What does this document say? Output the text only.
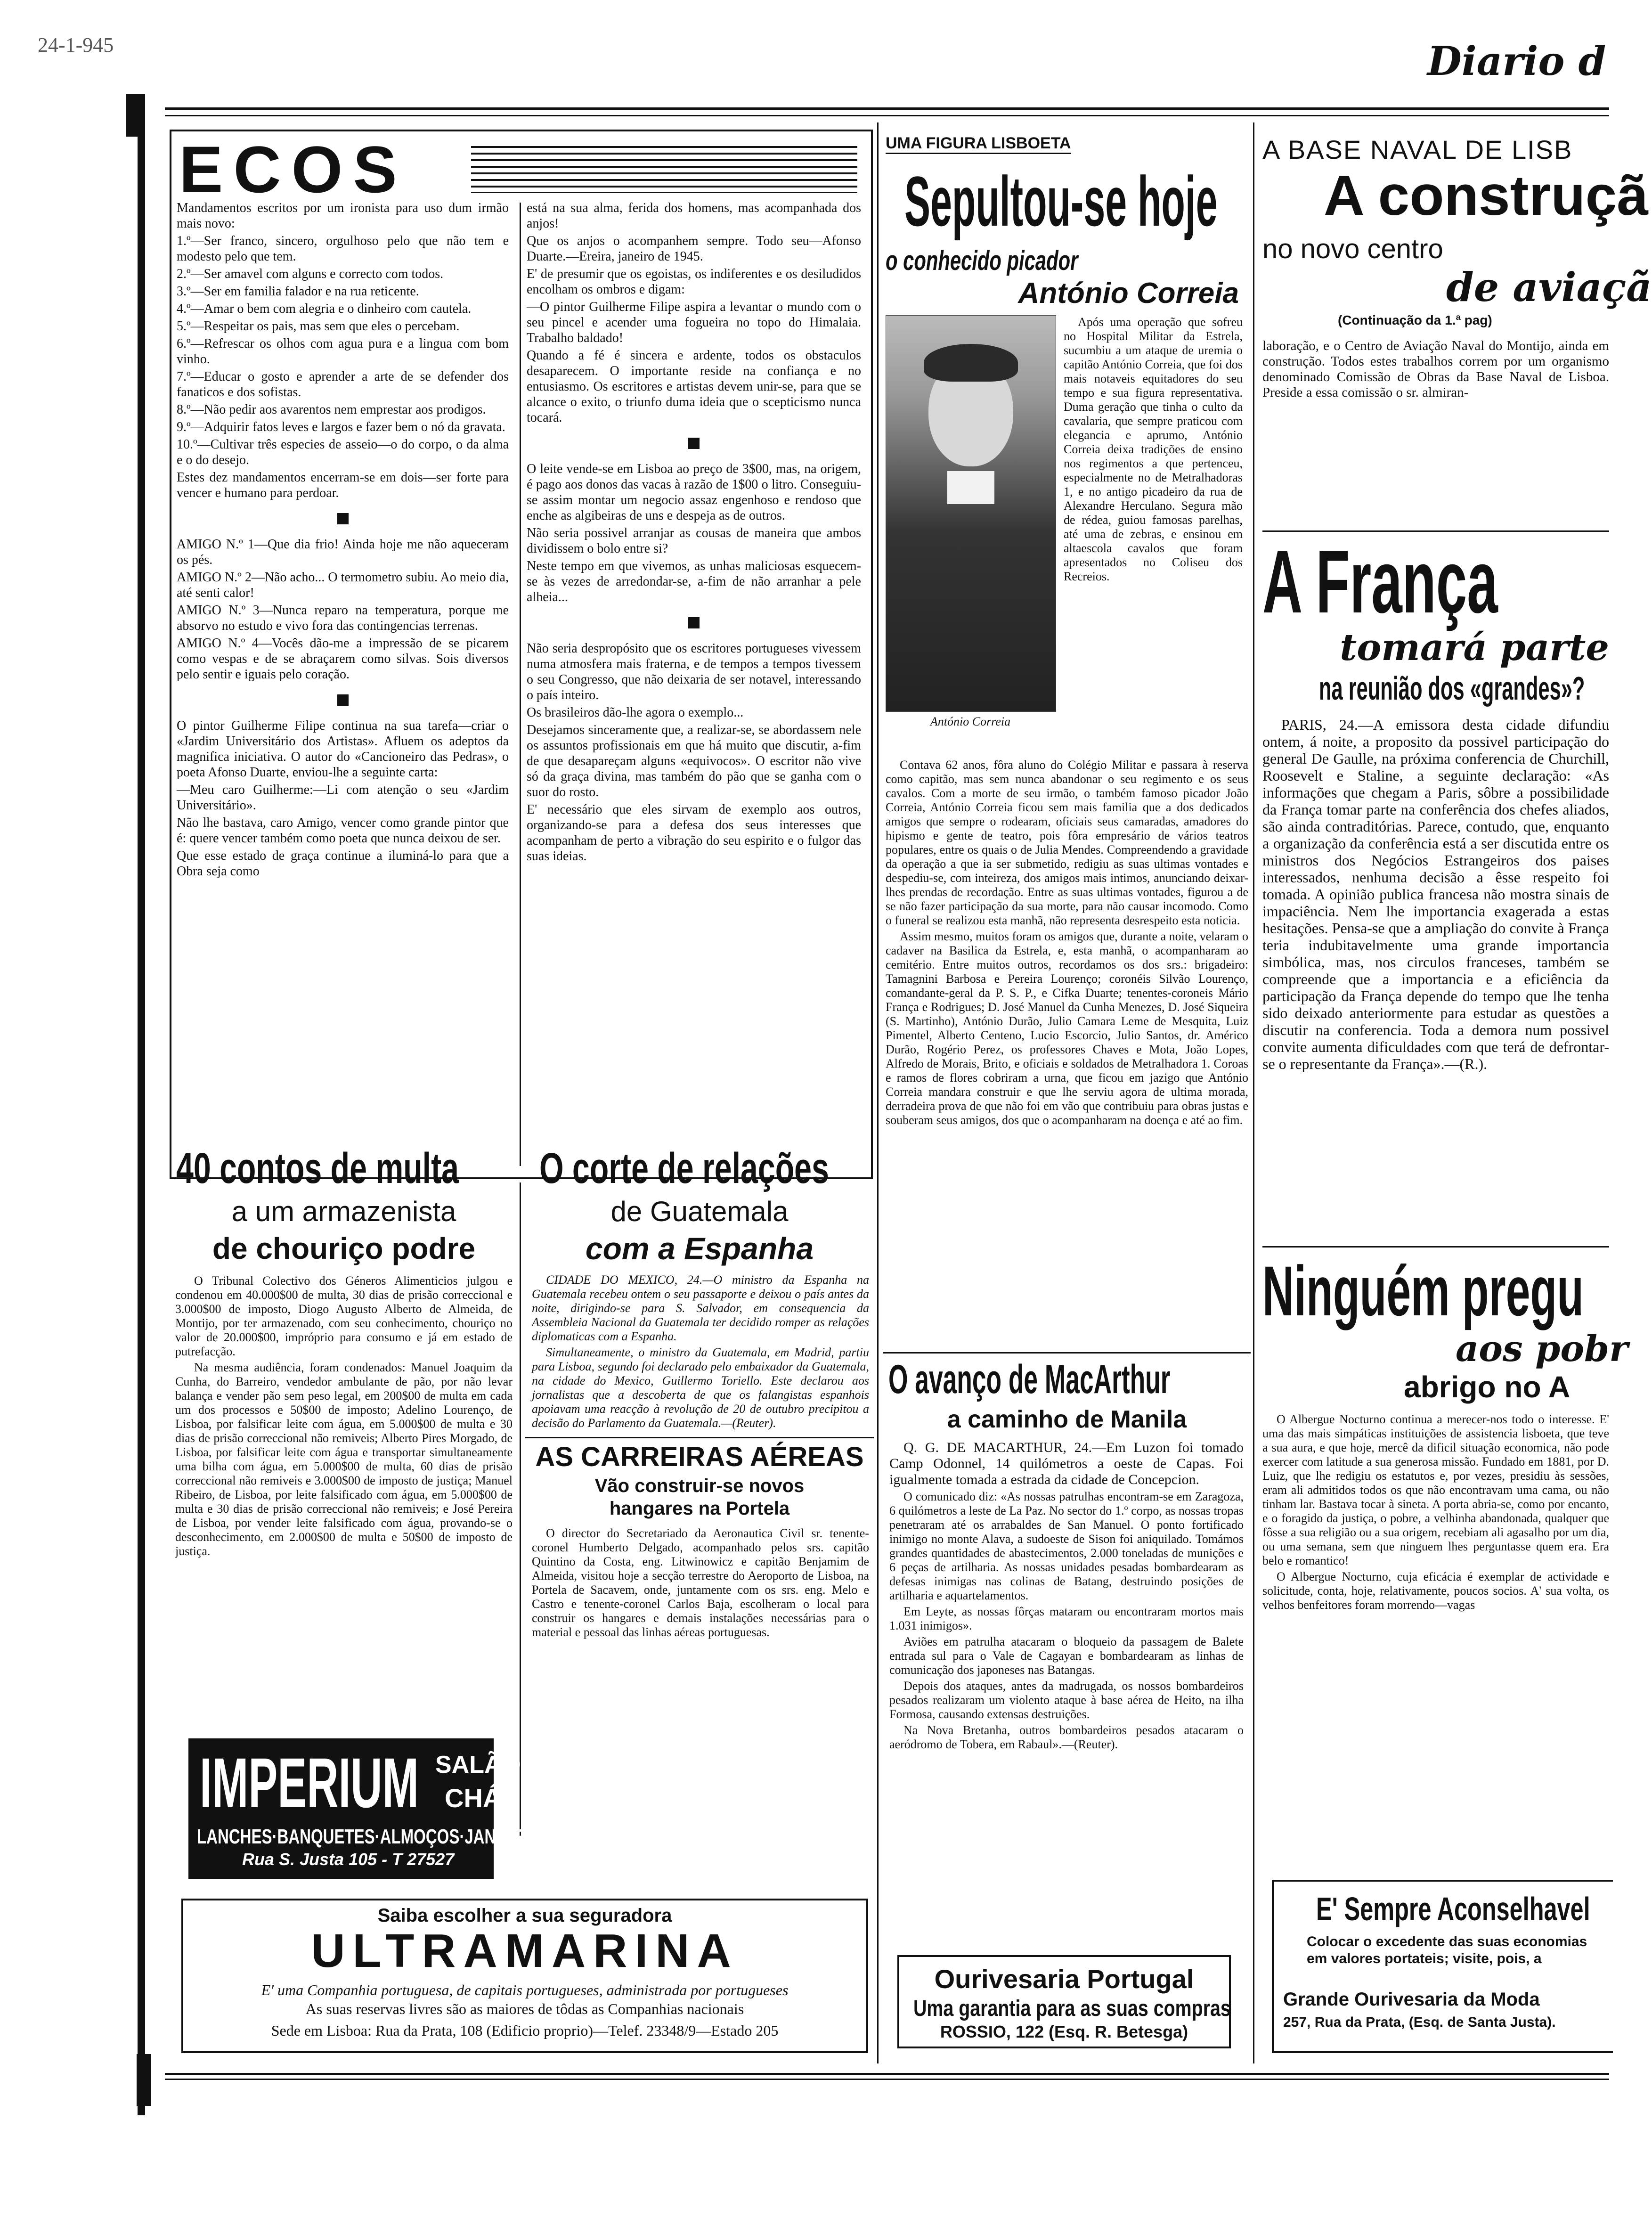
24-1-945	Diario d
ECOS

Mandamentos escritos por um ironista para uso dum irmão mais novo:

1.º—Ser franco, sincero, orgulhoso pelo que não tem e modesto pelo que tem.

2.º—Ser amavel com alguns e correcto com todos.

3.º—Ser em familia falador e na rua reticente.

4.º—Amar o bem com alegria e o dinheiro com cautela.

5.º—Respeitar os pais, mas sem que eles o percebam.

6.º—Refrescar os olhos com agua pura e a lingua com bom vinho.

7.º—Educar o gosto e aprender a arte de se defender dos fanaticos e dos sofistas.

8.º—Não pedir aos avarentos nem emprestar aos prodigos.

9.º—Adquirir fatos leves e largos e fazer bem o nó da gravata.

10.º—Cultivar três especies de asseio—o do corpo, o da alma e o do desejo.

Estes dez mandamentos encerram-se em dois—ser forte para vencer e humano para perdoar.

AMIGO N.º 1—Que dia frio! Ainda hoje me não aqueceram os pés.

AMIGO N.º 2—Não acho... O termometro subiu. Ao meio dia, até senti calor!

AMIGO N.º 3—Nunca reparo na temperatura, porque me absorvo no estudo e vivo fora das contingencias terrenas.

AMIGO N.º 4—Vocês dão-me a impressão de se picarem como vespas e de se abraçarem como silvas. Sois diversos pelo sentir e iguais pelo coração.

O pintor Guilherme Filipe continua na sua tarefa—criar o «Jardim Universitário dos Artistas». Afluem os adeptos da magnifica iniciativa. O autor do «Cancioneiro das Pedras», o poeta Afonso Duarte, enviou-lhe a seguinte carta:

—Meu caro Guilherme:—Li com atenção o seu «Jardim Universitário».

Não lhe bastava, caro Amigo, vencer como grande pintor que é: quere vencer também como poeta que nunca deixou de ser.

Que esse estado de graça continue a iluminá-lo para que a Obra seja como

está na sua alma, ferida dos homens, mas acompanhada dos anjos!

Que os anjos o acompanhem sempre. Todo seu—Afonso Duarte.—Ereira, janeiro de 1945.

E' de presumir que os egoistas, os indiferentes e os desiludidos encolham os ombros e digam:

—O pintor Guilherme Filipe aspira a levantar o mundo com o seu pincel e acender uma fogueira no topo do Himalaia. Trabalho baldado!

Quando a fé é sincera e ardente, todos os obstaculos desaparecem. O importante reside na confiança e no entusiasmo. Os escritores e artistas devem unir-se, para que se alcance o exito, o triunfo duma ideia que o scepticismo nunca tocará.

O leite vende-se em Lisboa ao preço de 3$00, mas, na origem, é pago aos donos das vacas à razão de 1$00 o litro. Conseguiu-se assim montar um negocio assaz engenhoso e rendoso que enche as algibeiras de uns e despeja as de outros.

Não seria possivel arranjar as cousas de maneira que ambos dividissem o bolo entre si?

Neste tempo em que vivemos, as unhas maliciosas esquecem-se às vezes de arredondar-se, a-fim de não arranhar a pele alheia...

Não seria despropósito que os escritores portugueses vivessem numa atmosfera mais fraterna, e de tempos a tempos tivessem o seu Congresso, que não deixaria de ser notavel, interessando o país inteiro.

Os brasileiros dão-lhe agora o exemplo...

Desejamos sinceramente que, a realizar-se, se abordassem nele os assuntos profissionais em que há muito que discutir, a-fim de que desapareçam alguns «equivocos». O escritor não vive só da graça divina, mas também do pão que se ganha com o suor do rosto.

E' necessário que eles sirvam de exemplo aos outros, organizando-se para a defesa dos seus interesses que acompanham de perto a vibração do seu espirito e o fulgor das suas ideias.

40 contos de multa
a um armazenista
de chouriço podre

O Tribunal Colectivo dos Géneros Alimenticios julgou e condenou em 40.000$00 de multa, 30 dias de prisão correccional e 3.000$00 de imposto, Diogo Augusto Alberto de Almeida, de Montijo, por ter armazenado, com seu conhecimento, chouriço no valor de 20.000$00, impróprio para consumo e já em estado de putrefacção.

Na mesma audiência, foram condenados: Manuel Joaquim da Cunha, do Barreiro, vendedor ambulante de pão, por não levar balança e vender pão sem peso legal, em 200$00 de multa em cada um dos processos e 50$00 de imposto; Adelino Lourenço, de Lisboa, por falsificar leite com água, em 5.000$00 de multa e 30 dias de prisão correccional não remiveis; Alberto Pires Morgado, de Lisboa, por falsificar leite com água e transportar simultaneamente uma bilha com água, em 5.000$00 de multa, 60 dias de prisão correccional não remiveis e 3.000$00 de imposto de justiça; Manuel Ribeiro, de Lisboa, por leite falsificado com água, em 5.000$00 de multa e 30 dias de prisão correccional não remiveis; e José Pereira de Lisboa, por vender leite falsificado com água, provando-se o desconhecimento, em 2.000$00 de multa e 50$00 de imposto de justiça.

O corte de relações
de Guatemala
com a Espanha

CIDADE DO MEXICO, 24.—O ministro da Espanha na Guatemala recebeu ontem o seu passaporte e deixou o país antes da noite, dirigindo-se para S. Salvador, em consequencia da Assembleia Nacional da Guatemala ter decidido romper as relações diplomaticas com a Espanha.

Simultaneamente, o ministro da Guatemala, em Madrid, partiu para Lisboa, segundo foi declarado pelo embaixador da Guatemala, na cidade do Mexico, Guillermo Toriello. Este declarou aos jornalistas que a descoberta de que os falangistas espanhois apoiavam uma reacção à revolução de 20 de outubro precipitou a decisão do Parlamento da Guatemala.—(Reuter).

AS CARREIRAS AÉREAS
Vão construir-se novos hangares na Portela

O director do Secretariado da Aeronautica Civil sr. tenente-coronel Humberto Delgado, acompanhado pelos srs. capitão Quintino da Costa, eng. Litwinowicz e capitão Benjamim de Almeida, visitou hoje a secção terrestre do Aeroporto de Lisboa, na Portela de Sacavem, onde, juntamente com os srs. eng. Melo e Castro e tenente-coronel Carlos Baja, escolheram o local para construir os hangares e demais instalações necessárias para o material e pessoal das linhas aéreas portuguesas.

IMPERIUM SALÃO
CHÁ
LANCHES·BANQUETES·ALMOÇOS·JANTARES
Rua S. Justa 105 - T 27527
Saiba escolher a sua seguradora
ULTRAMARINA
E' uma Companhia portuguesa, de capitais portugueses, administrada por portugueses
As suas reservas livres são as maiores de tôdas as Companhias nacionais
Sede em Lisboa: Rua da Prata, 108 (Edificio proprio)—Telef. 23348/9—Estado 205
UMA FIGURA LISBOETA
Sepultou-se hoje
o conhecido picador
António Correia
António Correia

Após uma operação que sofreu no Hospital Militar da Estrela, sucumbiu a um ataque de uremia o capitão António Correia, que foi dos mais notaveis equitadores do seu tempo e sua figura representativa. Duma geração que tinha o culto da cavalaria, que sempre praticou com elegancia e aprumo, António Correia deixa tradições de ensino nos regimentos a que pertenceu, especialmente no de Metralhadoras 1, e no antigo picadeiro da rua de Alexandre Herculano. Segura mão de rédea, guiou famosas parelhas, até uma de zebras, e ensinou em altaescola cavalos que foram apresentados no Coliseu dos Recreios.

Contava 62 anos, fôra aluno do Colégio Militar e passara à reserva como capitão, mas sem nunca abandonar o seu regimento e os seus cavalos. Com a morte de seu irmão, o também famoso picador João Correia, António Correia ficou sem mais familia que a dos dedicados amigos que sempre o rodearam, oficiais seus camaradas, amadores do hipismo e gente de teatro, pois fôra empresário de vários teatros populares, entre os quais o de Julia Mendes. Compreendendo a gravidade da operação a que ia ser submetido, redigiu as suas ultimas vontades e despediu-se, com inteireza, dos amigos mais intimos, anunciando deixar-lhes prendas de recordação. Entre as suas ultimas vontades, figurou a de se não fazer participação da sua morte, para não causar incomodo. Como o funeral se realizou esta manhã, não representa desrespeito esta noticia.

Assim mesmo, muitos foram os amigos que, durante a noite, velaram o cadaver na Basilica da Estrela, e, esta manhã, o acompanharam ao cemitério. Entre muitos outros, recordamos os dos srs.: brigadeiro: Tamagnini Barbosa e Pereira Lourenço; coronéis Silvão Lourenço, comandante-geral da P. S. P., e Cifka Duarte; tenentes-coroneis Mário França e Rodrigues; D. José Manuel da Cunha Menezes, D. José Siqueira (S. Martinho), António Durão, Julio Camara Leme de Mesquita, Luiz Pimentel, Alberto Centeno, Lucio Escorcio, Julio Santos, dr. Américo Durão, Rogério Perez, os professores Chaves e Mota, João Lopes, Alfredo de Morais, Brito, e oficiais e soldados de Metralhadora 1. Coroas e ramos de flores cobriram a urna, que ficou em jazigo que António Correia mandara construir e que lhe serviu agora de ultima morada, derradeira prova de que não foi em vão que contribuiu para obras justas e souberam seus amigos, dos que o acompanharam na doença e até ao fim.

O avanço de MacArthur
a caminho de Manila

Q. G. DE MACARTHUR, 24.—Em Luzon foi tomado Camp Odonnel, 14 quilómetros a oeste de Capas. Foi igualmente tomada a estrada da cidade de Concepcion.

O comunicado diz: «As nossas patrulhas encontram-se em Zaragoza, 6 quilómetros a leste de La Paz. No sector do 1.º corpo, as nossas tropas penetraram até os arrabaldes de San Manuel. O ponto fortificado inimigo no monte Alava, a sudoeste de Sison foi aniquilado. Tomámos grandes quantidades de abastecimentos, 2.000 toneladas de munições e 6 peças de artilharia. As nossas unidades pesadas bombardearam as defesas inimigas nas colinas de Batang, destruindo posições de artilharia e aquartelamentos.

Em Leyte, as nossas fôrças mataram ou encontraram mortos mais 1.031 inimigos».

Aviões em patrulha atacaram o bloqueio da passagem de Balete entrada sul para o Vale de Cagayan e bombardearam as linhas de comunicação dos japoneses nas Batangas.

Depois dos ataques, antes da madrugada, os nossos bombardeiros pesados realizaram um violento ataque à base aérea de Heito, na ilha Formosa, causando extensas destruições.

Na Nova Bretanha, outros bombardeiros pesados atacaram o aeródromo de Tobera, em Rabaul».—(Reuter).

Ourivesaria Portugal
Uma garantia para as suas compras
ROSSIO, 122 (Esq. R. Betesga)
A BASE NAVAL DE LISB
A construçã
no novo centro
de aviaçã
(Continuação da 1.ª pag)

laboração, e o Centro de Aviação Naval do Montijo, ainda em construção. Todos estes trabalhos correm por um organismo denominado Comissão de Obras da Base Naval de Lisboa. Preside a essa comissão o sr. almiran-

A França
tomará parte
na reunião dos «grandes»?

PARIS, 24.—A emissora desta cidade difundiu ontem, á noite, a proposito da possivel participação do general De Gaulle, na próxima conferencia de Churchill, Roosevelt e Staline, a seguinte declaração: «As informações que chegam a Paris, sôbre a possibilidade da França tomar parte na conferência dos chefes aliados, são ainda contraditórias. Parece, contudo, que, enquanto a organização da conferência está a ser discutida entre os ministros dos Negócios Estrangeiros dos paises interessados, nenhuma decisão a êsse respeito foi tomada. A opinião publica francesa não mostra sinais de impaciência. Nem lhe importancia exagerada a estas hesitações. Pensa-se que a ampliação do convite à França teria indubitavelmente uma grande importancia simbólica, mas, nos circulos franceses, também se compreende que a importancia e a eficiência da participação da França depende do tempo que lhe tenha sido deixado anteriormente para estudar as questões a discutir na conferencia. Toda a demora num possivel convite aumenta dificuldades com que terá de defrontar-se o representante da França».—(R.).

Ninguém pregu
aos pobr
abrigo no A

O Albergue Nocturno continua a merecer-nos todo o interesse. E' uma das mais simpáticas instituições de assistencia lisboeta, que teve a sua aura, e que hoje, mercê da dificil situação economica, não pode exercer com latitude a sua generosa missão. Fundado em 1881, por D. Luiz, que lhe redigiu os estatutos e, por vezes, presidiu às sessões, eram ali admitidos todos os que não encontravam uma cama, ou não tinham lar. Bastava tocar à sineta. A porta abria-se, como por encanto, e o foragido da justiça, o pobre, a velhinha abandonada, qualquer que fôsse a sua religião ou a sua origem, recebiam ali agasalho por um dia, ou uma semana, sem que ninguem lhes perguntasse quem era. Era belo e romantico!

O Albergue Nocturno, cuja eficácia é exemplar de actividade e solicitude, conta, hoje, relativamente, poucos socios. A' sua volta, os velhos benfeitores foram morrendo—vagas

E' Sempre Aconselhavel
Colocar o excedente das suas economias em valores portateis; visite, pois, a
Grande Ourivesaria da Moda
257, Rua da Prata, (Esq. de Santa Justa).
